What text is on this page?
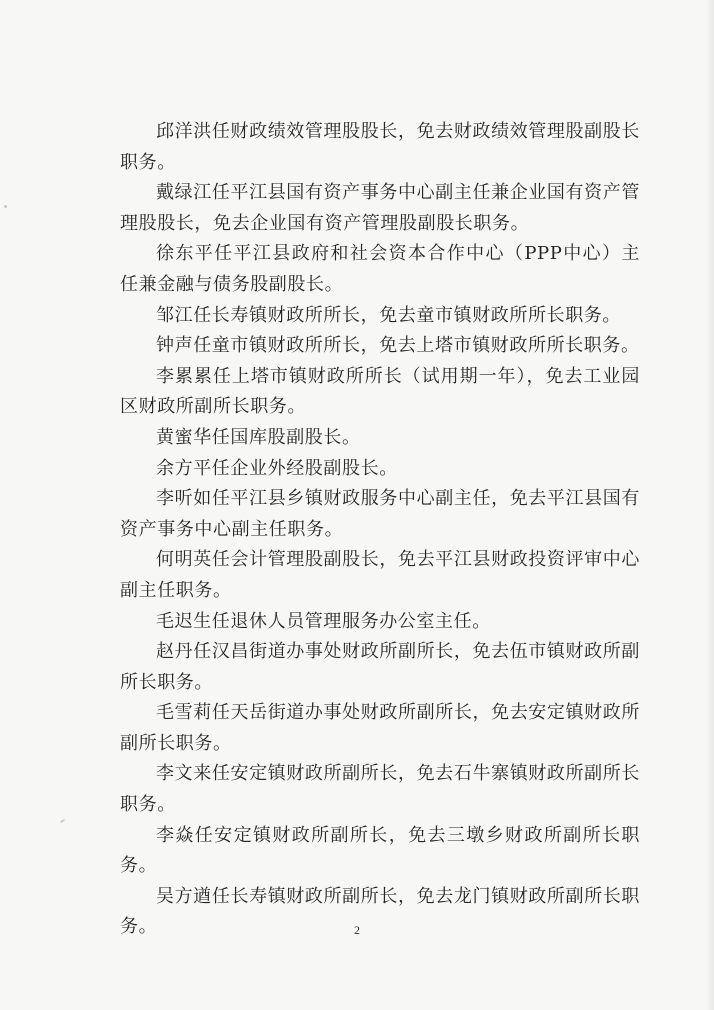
邱洋洪任财政绩效管理股股长，免去财政绩效管理股副股长职务。

戴绿江任平江县国有资产事务中心副主任兼企业国有资产管理股股长，免去企业国有资产管理股副股长职务。

徐东平任平江县政府和社会资本合作中心（PPP中心）主任兼金融与债务股副股长。

邹江任长寿镇财政所所长，免去童市镇财政所所长职务。

钟声任童市镇财政所所长，免去上塔市镇财政所所长职务。

李累累任上塔市镇财政所所长（试用期一年），免去工业园区财政所副所长职务。

黄蜜华任国库股副股长。

余方平任企业外经股副股长。

李听如任平江县乡镇财政服务中心副主任，免去平江县国有资产事务中心副主任职务。

何明英任会计管理股副股长，免去平江县财政投资评审中心副主任职务。

毛迟生任退休人员管理服务办公室主任。

赵丹任汉昌街道办事处财政所副所长，免去伍市镇财政所副所长职务。

毛雪莉任天岳街道办事处财政所副所长，免去安定镇财政所副所长职务。

李文来任安定镇财政所副所长，免去石牛寨镇财政所副所长职务。

李焱任安定镇财政所副所长，免去三墩乡财政所副所长职务。

吴方遒任长寿镇财政所副所长，免去龙门镇财政所副所长职务。	2
